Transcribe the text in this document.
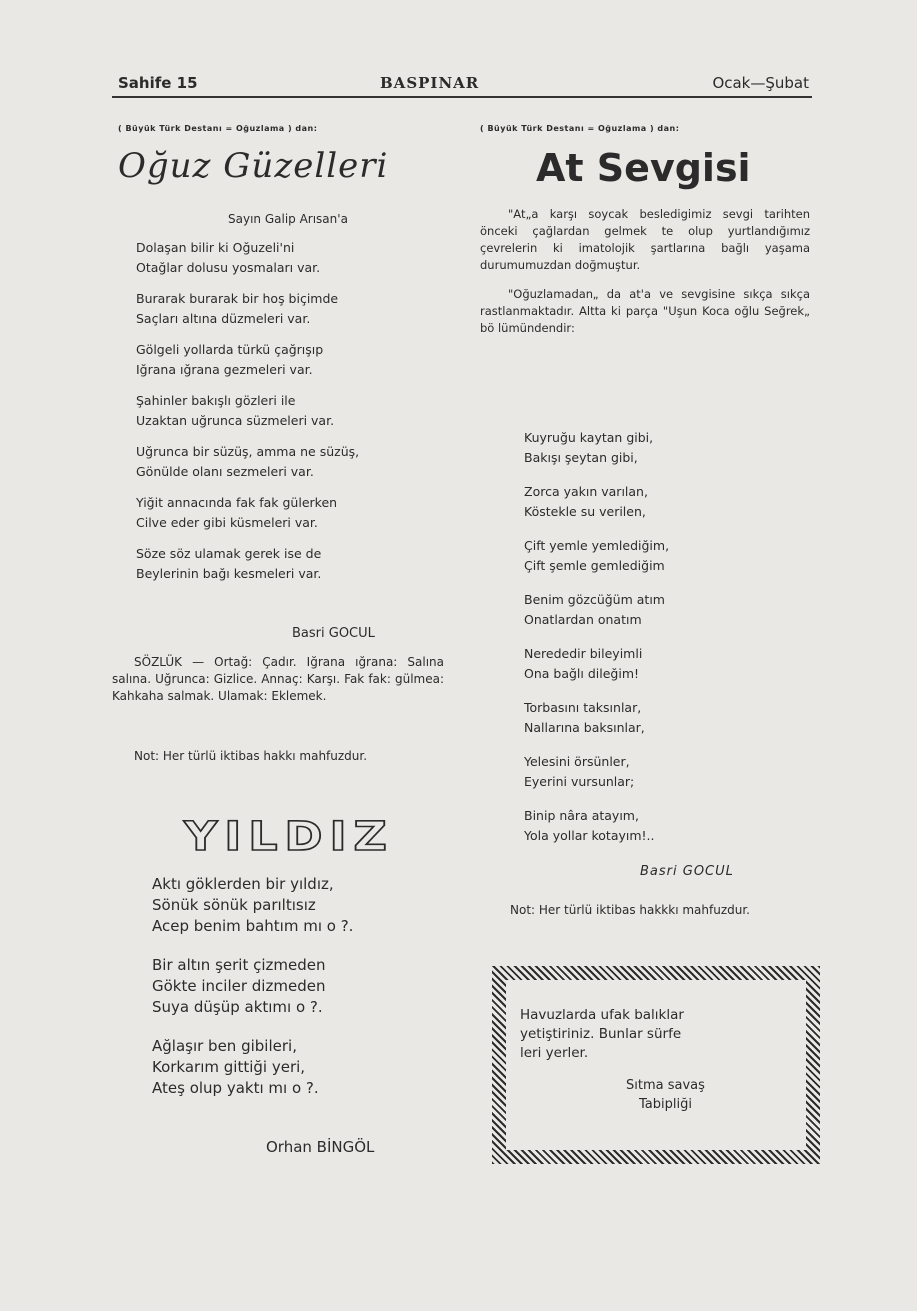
Sahife 15	BASPINAR	Ocak—Şubat
( Büyük Türk Destanı = Oğuzlama ) dan:
Oğuz Güzelleri
Sayın Galip Arısan'a
Dolaşan bilir ki Oğuzeli'ni
Otağlar dolusu yosmaları var.
Burarak burarak bir hoş biçimde
Saçları altına düzmeleri var.
Gölgeli yollarda türkü çağrışıp
Iğrana ığrana gezmeleri var.
Şahinler bakışlı gözleri ile
Uzaktan uğrunca süzmeleri var.
Uğrunca bir süzüş, amma ne süzüş,
Gönülde olanı sezmeleri var.
Yiğit annacında fak fak gülerken
Cilve eder gibi küsmeleri var.
Söze söz ulamak gerek ise de
Beylerinin bağı kesmeleri var.
Basri GOCUL

SÖZLÜK — Ortağ: Çadır. Iğrana ığrana: Salına salına. Uğrunca: Gizlice. Annaç: Karşı. Fak fak: gülmea: Kahkaha salmak. Ulamak: Eklemek.

Not: Her türlü iktibas hakkı mahfuzdur.
YILDIZ
Aktı göklerden bir yıldız,
Sönük sönük parıltısız
Acep benim bahtım mı o ?.
Bir altın şerit çizmeden
Gökte inciler dizmeden
Suya düşüp aktımı o ?.
Ağlaşır ben gibileri,
Korkarım gittiği yeri,
Ateş olup yaktı mı o ?.
Orhan BİNGÖL
( Büyük Türk Destanı = Oğuzlama ) dan:
At Sevgisi

"At„a karşı soycak besledigimiz sevgi tarihten önceki çağlardan gelmek te olup yurtlandığımız çevrelerin ki imatolojik şartlarına bağlı yaşama durumumuzdan doğmuştur.

"Oğuzlamadan„ da at'a ve sevgisine sıkça sıkça rastlanmaktadır. Altta ki parça "Uşun Koca oğlu Seğrek„ bö lümündendir:

Kuyruğu kaytan gibi,
Bakışı şeytan gibi,
Zorca yakın varılan,
Köstekle su verilen,
Çift yemle yemlediğim,
Çift şemle gemlediğim
Benim gözcüğüm atım
Onatlardan onatım
Nerededir bileyimli
Ona bağlı dileğim!
Torbasını taksınlar,
Nallarına baksınlar,
Yelesini örsünler,
Eyerini vursunlar;
Binip nâra atayım,
Yola yollar kotayım!..
Basri GOCUL
Not: Her türlü iktibas hakkkı mahfuzdur.
Havuzlarda ufak balıklar
yetiştiriniz. Bunlar sürfe
leri yerler.
Sıtma savaş
Tabipliği
